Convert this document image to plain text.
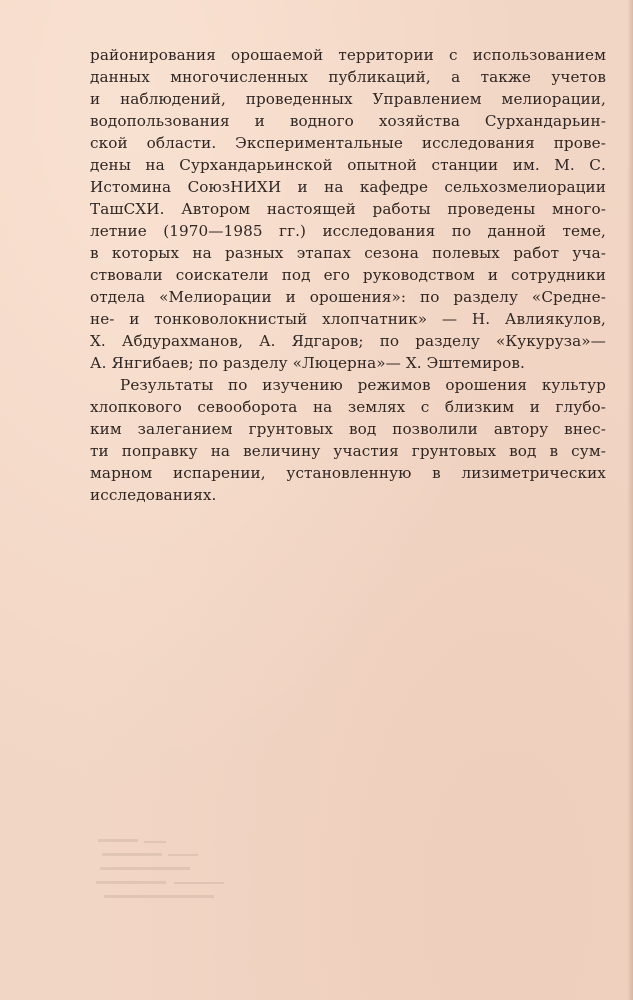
районирования орошаемой территории с использованием
данных многочисленных публикаций, а также учетов
и наблюдений, проведенных Управлением мелиорации,
водопользования и водного хозяйства Сурхандарьин-
ской области. Экспериментальные исследования прове-
дены на Сурхандарьинской опытной станции им. М. С.
Истомина СоюзНИХИ и на кафедре сельхозмелиорации
ТашСХИ. Автором настоящей работы проведены много-
летние (1970—1985 гг.) исследования по данной теме,
в которых на разных этапах сезона полевых работ уча-
ствовали соискатели под его руководством и сотрудники
отдела «Мелиорации и орошения»: по разделу «Средне-
не- и тонковолокнистый хлопчатник» — Н. Авлиякулов,
Х. Абдурахманов, А. Ядгаров; по разделу «Кукуруза»—
А. Янгибаев; по разделу «Люцерна»— Х. Эштемиров.
Результаты по изучению режимов орошения культур
хлопкового севооборота на землях с близким и глубо-
ким залеганием грунтовых вод позволили автору внес-
ти поправку на величину участия грунтовых вод в сум-
марном испарении, установленную в лизиметрических
исследованиях.
